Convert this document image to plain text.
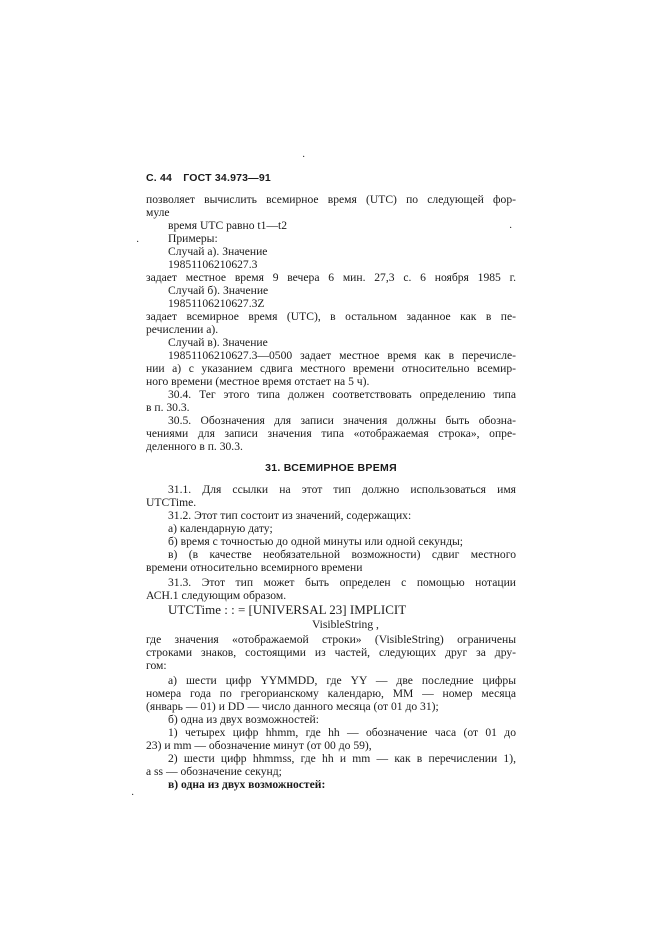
С. 44 ГОСТ 34.973—91
позволяет вычислить всемирное время (UTC) по следующей фор-
муле
время UTC равно t1—t2
Примеры:
Случай а). Значение
19851106210627.3
задает местное время 9 вечера 6 мин. 27,3 с. 6 ноября 1985 г.
Случай б). Значение
19851106210627.3Z
задает всемирное время (UTC), в остальном заданное как в пе-
речислении а).
Случай в). Значение
19851106210627.3—0500 задает местное время как в перечисле-
нии а) с указанием сдвига местного времени относительно всемир-
ного времени (местное время отстает на 5 ч).
30.4. Тег этого типа должен соответствовать определению типа
в п. 30.3.
30.5. Обозначения для записи значения должны быть обозна-
чениями для записи значения типа «отображаемая строка», опре-
деленного в п. 30.3.
31. ВСЕМИРНОЕ ВРЕМЯ
31.1. Для ссылки на этот тип должно использоваться имя
UTCTime.
31.2. Этот тип состоит из значений, содержащих:
а) календарную дату;
б) время с точностью до одной минуты или одной секунды;
в) (в качестве необязательной возможности) сдвиг местного
времени относительно всемирного времени
31.3. Этот тип может быть определен с помощью нотации
АСН.1 следующим образом.
UTCTime : : = [UNIVERSAL 23] IMPLICIT
VisibleString ,
где значения «отображаемой строки» (VisibleString) ограничены
строками знаков, состоящими из частей, следующих друг за дру-
гом:
а) шести цифр YYMMDD, где YY — две последние цифры
номера года по грегорианскому календарю, MM — номер месяца
(январь — 01) и DD — число данного месяца (от 01 до 31);
б) одна из двух возможностей:
1) четырех цифр hhmm, где hh — обозначение часа (от 01 до
23) и mm — обозначение минут (от 00 до 59),
2) шести цифр hhmmss, где hh и mm — как в перечислении 1),
а ss — обозначение секунд;
в) одна из двух возможностей:
·
·
·
·
